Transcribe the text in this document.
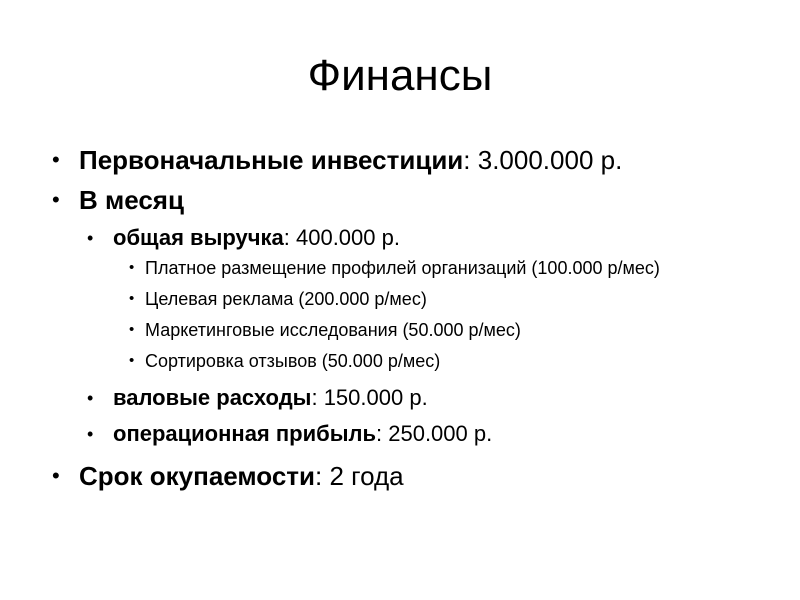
Финансы
• Первоначальные инвестиции: 3.000.000 р.
• В месяц
• общая выручка: 400.000 р.
• Платное размещение профилей организаций (100.000 р/мес)
• Целевая реклама (200.000 р/мес)
• Маркетинговые исследования (50.000 р/мес)
• Сортировка отзывов (50.000 р/мес)
• валовые расходы: 150.000 р.
• операционная прибыль: 250.000 р.
• Срок окупаемости: 2 года
